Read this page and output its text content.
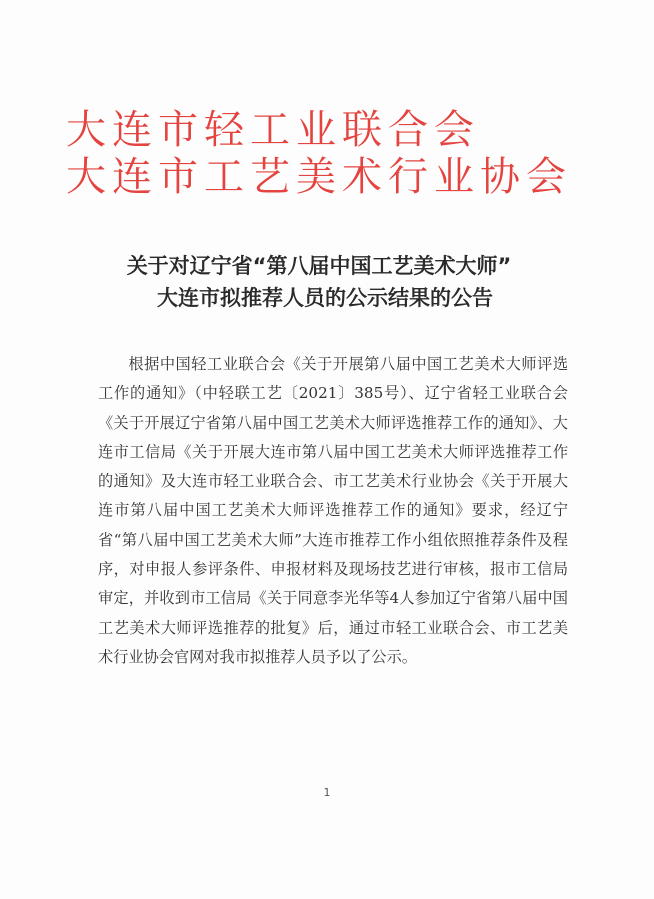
大连市轻工业联合会
大连市工艺美术行业协会
关于对辽宁省“第八届中国工艺美术大师”
大连市拟推荐人员的公示结果的公告

根据中国轻工业联合会《关于开展第八届中国工艺美术大师评选工作的通知》（中轻联工艺〔2021〕385号）、辽宁省轻工业联合会《关于开展辽宁省第八届中国工艺美术大师评选推荐工作的通知》、大连市工信局《关于开展大连市第八届中国工艺美术大师评选推荐工作的通知》及大连市轻工业联合会、市工艺美术行业协会《关于开展大连市第八届中国工艺美术大师评选推荐工作的通知》要求，经辽宁省“第八届中国工艺美术大师”大连市推荐工作小组依照推荐条件及程序，对申报人参评条件、申报材料及现场技艺进行审核，报市工信局审定，并收到市工信局《关于同意李光华等4人参加辽宁省第八届中国工艺美术大师评选推荐的批复》后，通过市轻工业联合会、市工艺美术行业协会官网对我市拟推荐人员予以了公示。

1
